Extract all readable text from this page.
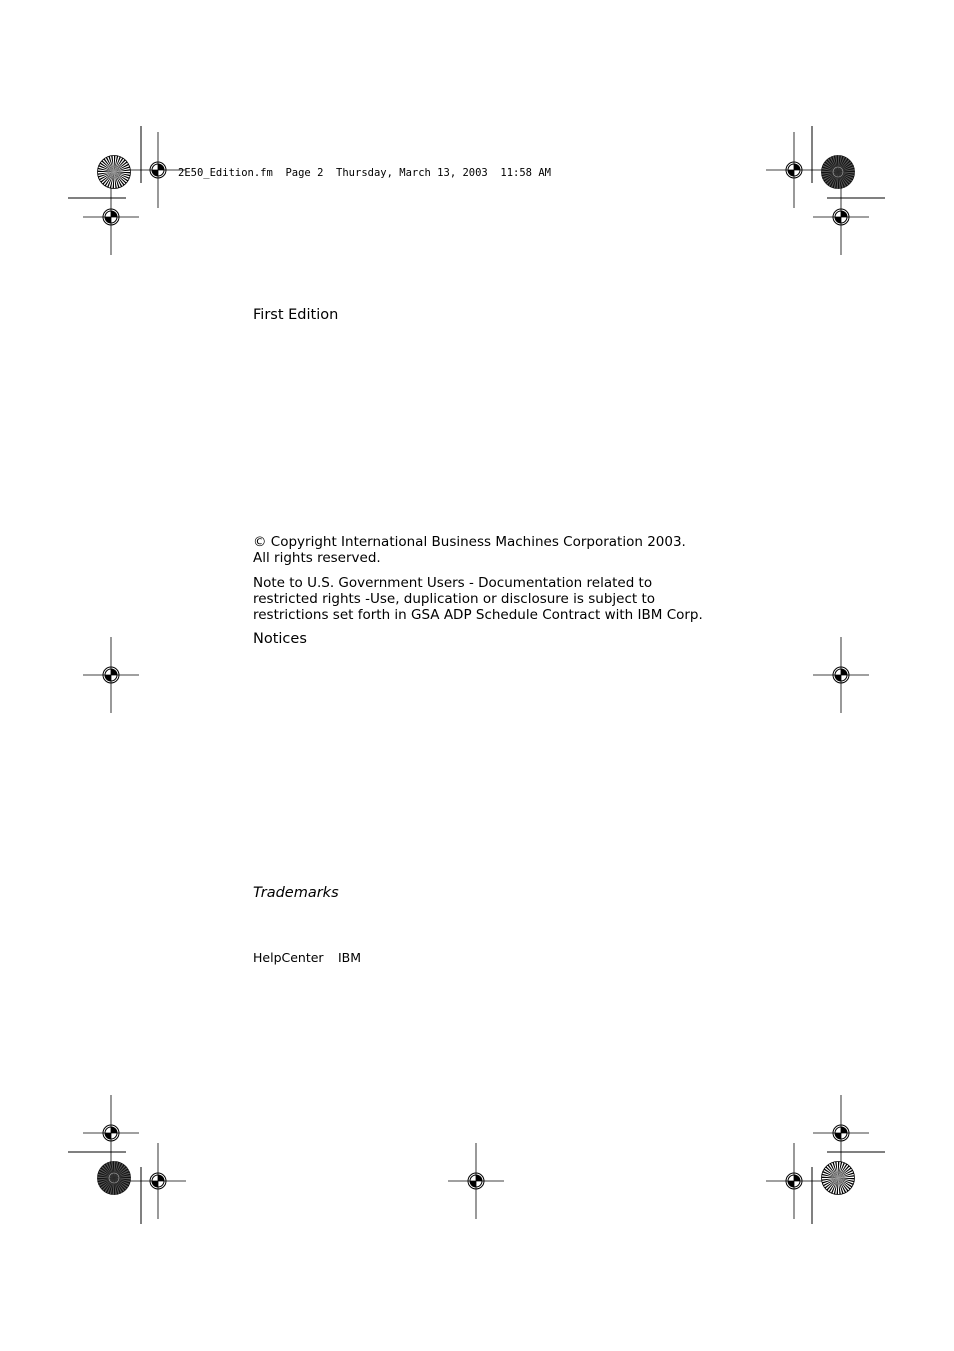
2E50_Edition.fm  Page 2  Thursday, March 13, 2003  11:58 AM
First Edition
© Copyright International Business Machines Corporation 2003. All rights reserved.
Note to U.S. Government Users - Documentation related to restricted rights -Use, duplication or disclosure is subject to restrictions set forth in GSA ADP Schedule Contract with IBM Corp.
Notices
Trademarks
HelpCenter IBM
